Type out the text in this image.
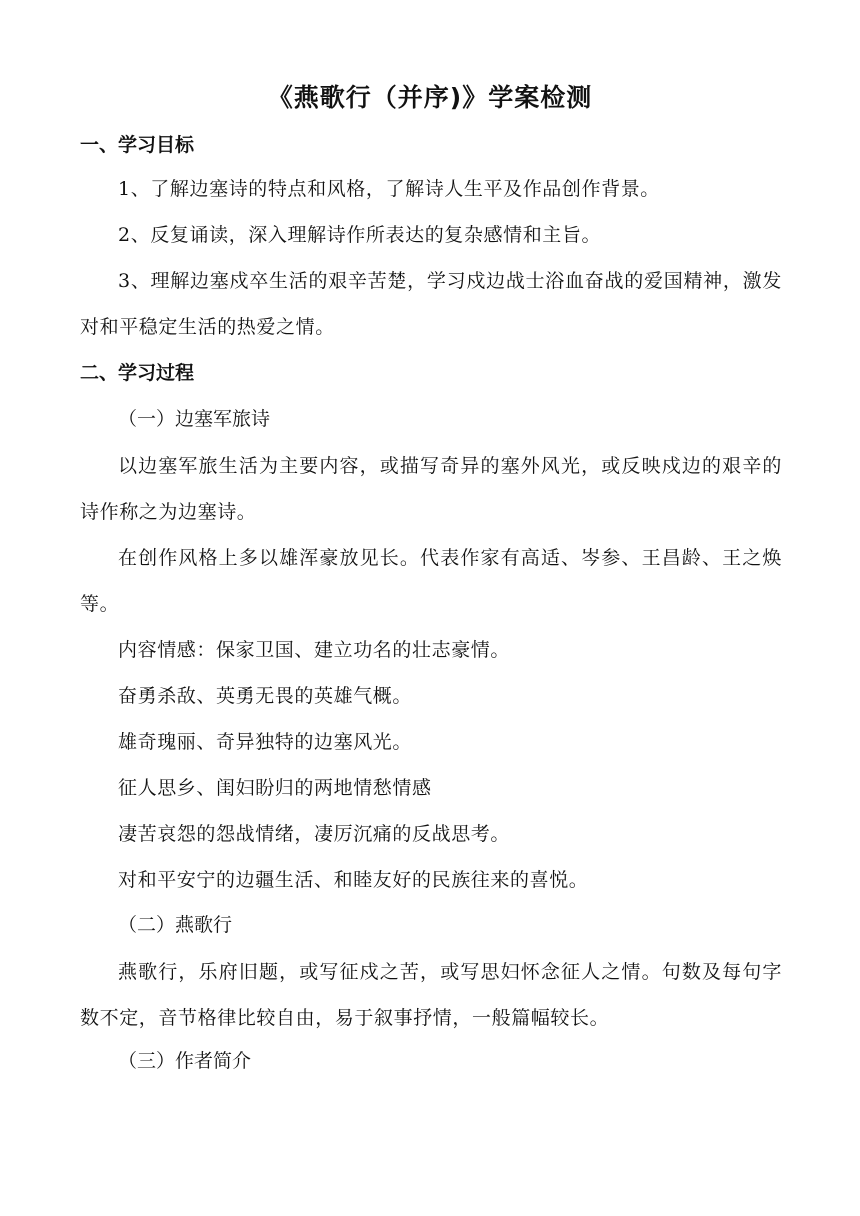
《燕歌行（并序)》学案检测
一、学习目标
1、了解边塞诗的特点和风格，了解诗人生平及作品创作背景。
2、反复诵读，深入理解诗作所表达的复杂感情和主旨。
3、理解边塞戍卒生活的艰辛苦楚，学习戍边战士浴血奋战的爱国精神，激发对和平稳定生活的热爱之情。
二、学习过程
（一）边塞军旅诗
以边塞军旅生活为主要内容，或描写奇异的塞外风光，或反映戍边的艰辛的诗作称之为边塞诗。
在创作风格上多以雄浑豪放见长。代表作家有高适、岑参、王昌龄、王之焕等。
内容情感：保家卫国、建立功名的壮志豪情。
奋勇杀敌、英勇无畏的英雄气概。
雄奇瑰丽、奇异独特的边塞风光。
征人思乡、闺妇盼归的两地情愁情感
凄苦哀怨的怨战情绪，凄厉沉痛的反战思考。
对和平安宁的边疆生活、和睦友好的民族往来的喜悦。
（二）燕歌行
燕歌行，乐府旧题，或写征戍之苦，或写思妇怀念征人之情。句数及每句字数不定，音节格律比较自由，易于叙事抒情，一般篇幅较长。
（三）作者简介
